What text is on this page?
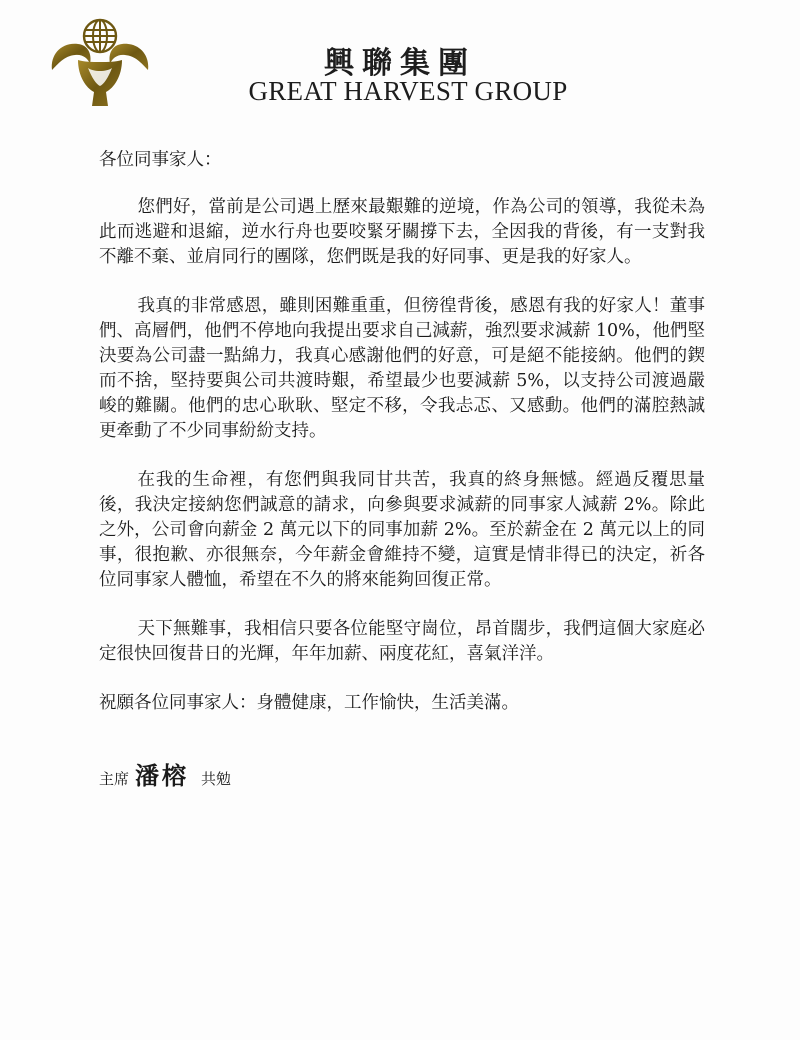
興聯集團
GREAT HARVEST GROUP

各位同事家人：

您們好，當前是公司遇上歷來最艱難的逆境，作為公司的領導，我從未為此而逃避和退縮，逆水行舟也要咬緊牙關撐下去，全因我的背後，有一支對我不離不棄、並肩同行的團隊，您們既是我的好同事、更是我的好家人。

我真的非常感恩，雖則困難重重，但徬徨背後，感恩有我的好家人！董事們、高層們，他們不停地向我提出要求自己減薪，強烈要求減薪 10%，他們堅決要為公司盡一點綿力，我真心感謝他們的好意，可是絕不能接納。他們的鍥而不捨，堅持要與公司共渡時艱，希望最少也要減薪 5%，以支持公司渡過嚴峻的難關。他們的忠心耿耿、堅定不移，令我忐忑、又感動。他們的滿腔熱誠更牽動了不少同事紛紛支持。

在我的生命裡，有您們與我同甘共苦，我真的終身無憾。經過反覆思量後，我決定接納您們誠意的請求，向參與要求減薪的同事家人減薪 2%。除此之外，公司會向薪金 2 萬元以下的同事加薪 2%。至於薪金在 2 萬元以上的同事，很抱歉、亦很無奈，今年薪金會維持不變，這實是情非得已的決定，祈各位同事家人體恤，希望在不久的將來能夠回復正常。

天下無難事，我相信只要各位能堅守崗位，昂首闊步，我們這個大家庭必定很快回復昔日的光輝，年年加薪、兩度花紅，喜氣洋洋。

祝願各位同事家人：身體健康，工作愉快，生活美滿。

主席 潘榕 共勉
